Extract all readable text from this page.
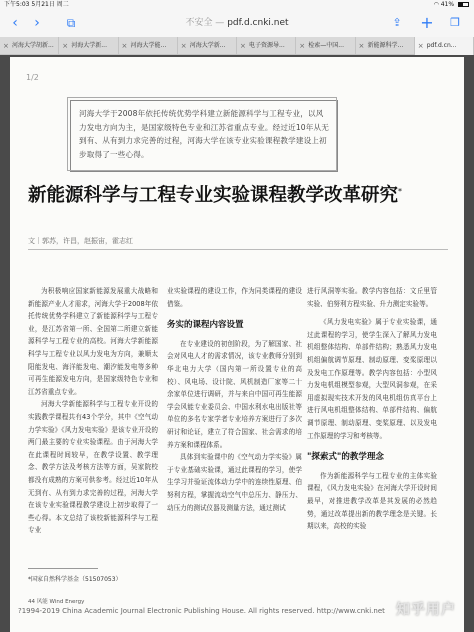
下午5:03 5月21日 周二	◠ 41%
‹	›	⧉	不安全 — pdf.d.cnki.net	⇪ +	❐
× 河海大学胡新...	× 河海大学新...	× 河海大学能...	× 河海大学新...	× 电子资源导...	× 检索—中国...	× 新能源科学...	× pdf.d.cn...
1/2

河海大学于2008年依托传统优势学科建立新能源科学与工程专业，以风力发电方向为主，是国家级特色专业和江苏省重点专业。经过近10年从无到有、从有到力求完善的过程，河海大学在该专业实验课程教学建设上初步取得了一些心得。

新能源科学与工程专业实验课程教学改革研究*
文｜郭苏，许昌，赵振宙，霍志红

为积极响应国家新能源发展重大战略和新能源产业人才需求，河海大学于2008年依托传统优势学科建立了新能源科学与工程专业，是江苏省第一所、全国第二所建立新能源科学与工程专业的高校。河海大学新能源科学与工程专业以风力发电为方向，兼顺太阳能发电、海洋能发电、潮汐能发电等多种可再生能源发电方向，是国家级特色专业和江苏省重点专业。

河海大学新能源科学与工程专业开设的实践教学课程共有43个学分，其中《空气动力学实验》《风力发电实验》是该专业开设的两门最主要的专业实验课程。由于河海大学在此课程时间较早，在教学设置、教学理念、教学方法及考核方法等方面，吴家院校都没有成熟的方案可供参考。经过近10年从无到有、从有到力求完善的过程，河海大学在该专业实验课程教学建设上初步取得了一些心得。本文总结了该校新能源科学与工程专业

业实验课程的建设工作，作为同类课程的建设借鉴。
务实的课程内容设置

在专业建设的初创阶段，为了解国家、社会对风电人才的需求情况，该专业教师分别到华北电力大学（国内第一所设置专业的高校）、风电场、设计院、风机制造厂家等二十余家单位进行调研，并与来自中国可再生能源学会风能专业委员会、中国水利水电出版社等单位的多名专家学者专业培养方案进行了多次研讨和论证，建立了符合国家、社会需求的培养方案和课程体系。

具体到实验课中的《空气动力学实验》属于专业基础实验课，通过此课程的学习，使学生学习并验证流体动力学中的连续性原理、伯努利方程，掌握流动空气中总压力、静压力、动压力的测试仪器及测量方法，通过测试

进行风洞等实验。教学内容包括：文丘里管实验、伯努利方程实验、升力测定实验等。

《风力发电实验》属于专业实验课，通过此课程的学习，使学生深入了解风力发电机组整体结构、单部件结构；熟悉风力发电机组偏航调节原理、制动原理、变桨原理以及发电工作原理等。教学内容包括：小型风力发电机组模型参观，大型风洞参观，在采用虚拟现实技术开发的风电机组仿真平台上进行风电机组整体结构、单部件结构、偏航调节原理、制动原理、变桨原理、以及发电工作原理的学习和考核等。

"探索式"的教学理念

作为新能源科学与工程专业的主体实验课程，《风力发电实验》在河海大学开设时间最早，对推进教学改革是其发展的必然趋势，通过改革提出新的教学理念是关键。长期以来，高校的实验

*国家自然科学基金（51507053）
44 风能 Wind Energy
?1994-2019 China Academic Journal Electronic Publishing House. All rights reserved. http://www.cnki.net 知乎用户
